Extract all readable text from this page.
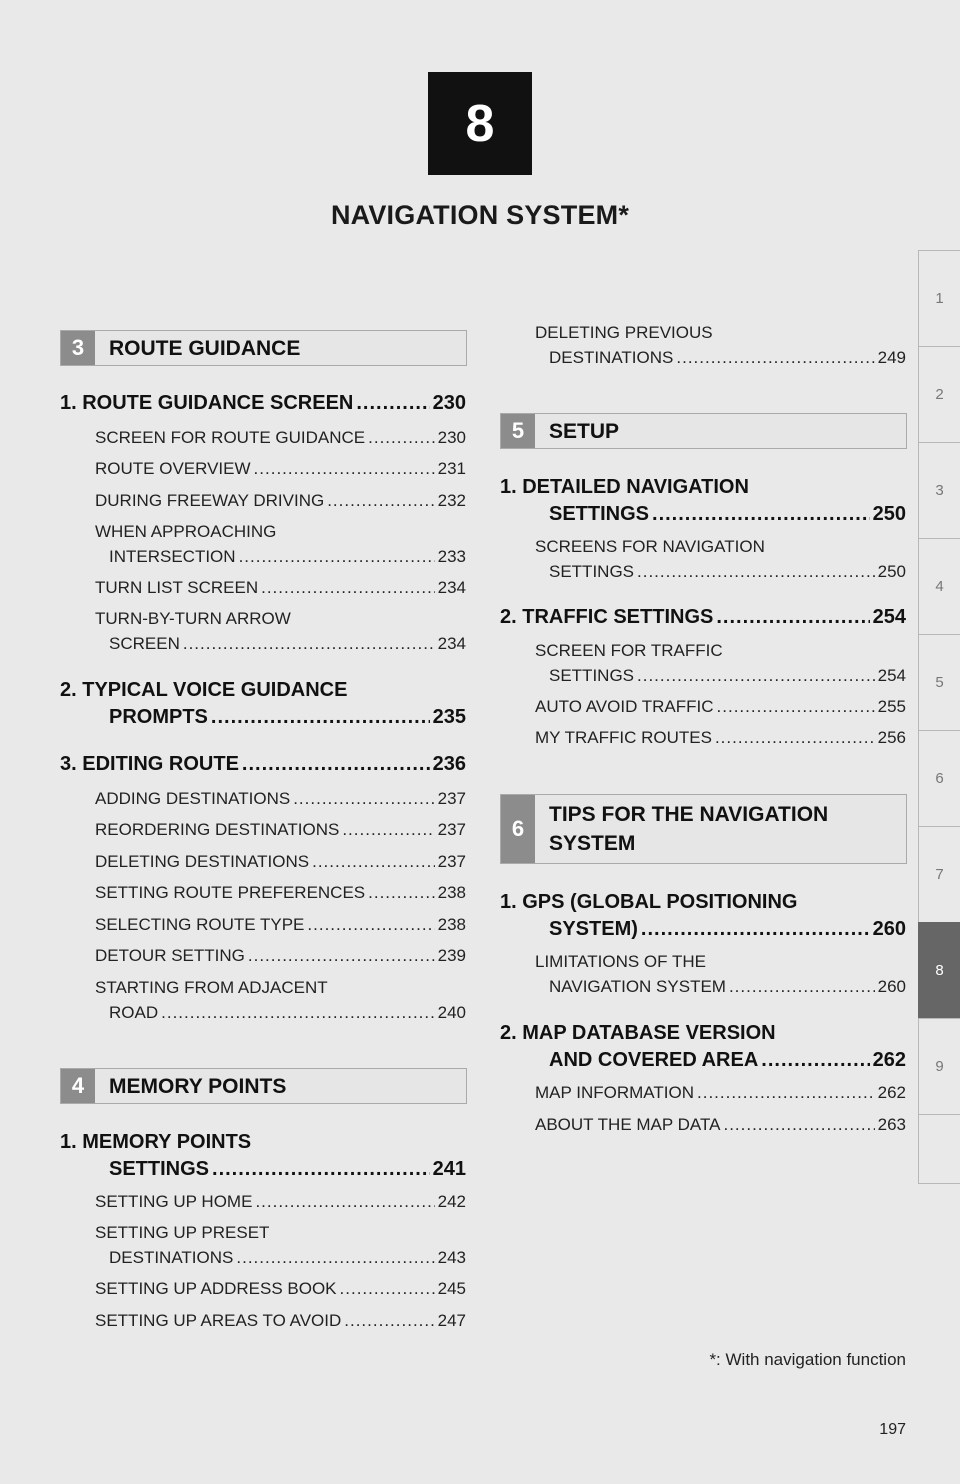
8
NAVIGATION SYSTEM*
1
2
3
4
5
6
7
8
9
3	ROUTE GUIDANCE
1. ROUTE GUIDANCE SCREEN .....	230
SCREEN FOR ROUTE GUIDANCE .....	230
ROUTE OVERVIEW .....	231
DURING FREEWAY DRIVING .....	232
WHEN APPROACHING
INTERSECTION .....	233
TURN LIST SCREEN .....	234
TURN-BY-TURN ARROW
SCREEN .....	234
2. TYPICAL VOICE GUIDANCE
PROMPTS .....	235
3. EDITING ROUTE .....	236
ADDING DESTINATIONS .....	237
REORDERING DESTINATIONS .....	237
DELETING DESTINATIONS .....	237
SETTING ROUTE PREFERENCES .....	238
SELECTING ROUTE TYPE .....	238
DETOUR SETTING .....	239
STARTING FROM ADJACENT
ROAD .....	240
4	MEMORY POINTS
1. MEMORY POINTS
SETTINGS .....	241
SETTING UP HOME .....	242
SETTING UP PRESET
DESTINATIONS .....	243
SETTING UP ADDRESS BOOK .....	245
SETTING UP AREAS TO AVOID .....	247
DELETING PREVIOUS
DESTINATIONS .....	249
5	SETUP
1. DETAILED NAVIGATION
SETTINGS .....	250
SCREENS FOR NAVIGATION
SETTINGS .....	250
2. TRAFFIC SETTINGS .....	254
SCREEN FOR TRAFFIC
SETTINGS .....	254
AUTO AVOID TRAFFIC .....	255
MY TRAFFIC ROUTES .....	256
6
TIPS FOR THE NAVIGATION
SYSTEM
1. GPS (GLOBAL POSITIONING
SYSTEM) .....	260
LIMITATIONS OF THE
NAVIGATION SYSTEM .....	260
2. MAP DATABASE VERSION
AND COVERED AREA .....	262
MAP INFORMATION .....	262
ABOUT THE MAP DATA .....	263
*: With navigation function
197
